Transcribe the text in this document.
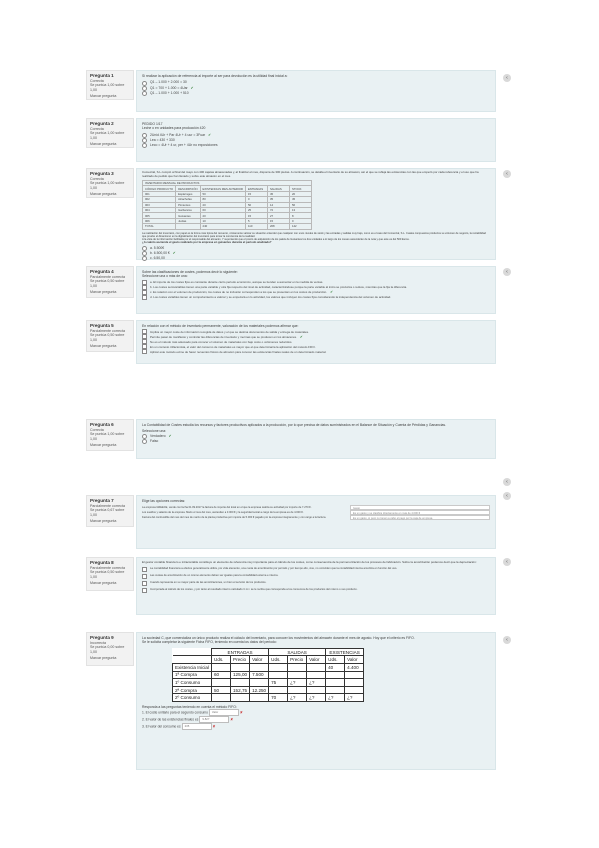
Pregunta 1
Correcta
Se puntúa 1,00 sobre 1,00
Marcar pregunta

Si realizar la aplicación de referencia al importe al ser para devolución es la utilidad final inicial a:

Q1 – 1.000 + 2.000 = 30
Q1 = 700 + 1.000 = 4Uar ✔
Q1 – 1.000 + 1.000 + 510
‹
Pregunta 2
Correcta
Se puntúa 1,00 sobre 1,00
Marcar pregunta

PEDIDO 1/17

Leche o en unidades para producción 420

2Unid 4Ur + Par 4Ur + 4 uur = 3Fuar ✔
Lea = 430 + 330
Leco = 4Ur + 4 ur, per + 4Ur no exposiciones
Pregunta 3
Correcta
Se puntúa 1,00 sobre 1,00
Marcar pregunta

Comercial, S.L compró al final del mayo con 400 cajetas almacenadas y, al finalizar el mes, disponía de 300 piezas. A continuación, se detalla el inventario de su almacén, así el que se refleja las existencias con las que empezó por cada referencia y el uso que ha realizado de pedido que han llenado y sobre este almacén en el mes.

INVENTARIO MENSUAL DE PRODUCTOS					
CÓDIGO PRODUCTO	DESCRIPCIÓN	EXISTENCIAS MES ANTERIOR	ENTRADAS	SALIDAS	STOCK
001	Espárragos	50	15	45	20
002	Alcachofas	80	0	35	45
003	Pimientos	20	50	14	56
004	Garbanzos	60	25	72	13
005	Guisantes	20	15	27	8
006	Judías	10	5	15	0
TOTAL		240	110	208	142

La realización del inventario, con papel es la forma más típica del recuento, únicamente valorar su situación entender que cualquier con unos niveles de stock y las entradas y salidas muy bajo, como es el caso del Comercial, S.L. Cuales compuestos productos su volumen de negocio, la rentabilidad que pruebe el dinamismo en la digitalización del inventario para tomar la conciencia de la realidad.

A la vista de la información facilitada por el responsable del almacén, Y suponiendo que el precio de adquisición de los palets de Guisantes los dos unidades a lo largo de los meses ascenderán de la nota y que este es del 500 Euros.

¿A cuánto asciende el gasto realizado por la empresa en guisantes durante el periodo analizado?

a. 5.500€
b. 6.500,00 € ✔
c. 6.50,00
‹
Pregunta 4
Parcialmente correcta
Se puntúa 0,50 sobre 1,00
Marcar pregunta

Sobre las clasificaciones de costes, podemos decir lo siguiente:

Seleccione una o más de una:

a. El importe de los costes fijos es constante durante cierto periodo económico, aunque se tienden a aumentar en la medida de ventas.
b. Los costes semivariables tienen una parte variable y otra fija respecto del nivel de actividad, caracterizándose porque la parte variable al inicio se produzca o reduce, mientras que la fija la diferencia.
c. Es relación con el volumen de producción, los costes de no inclusión corresponden a los que se presentan en los costos de producción. ✔
d. Los costes variables tienen un comportamiento a valorar y se empezará en lo actividad, los valores que incluyen los costes fijos considerando la independencia del volumen de actividad.
‹
Pregunta 5
Parcialmente correcta
Se puntúa 0,50 sobre 1,00
Marcar pregunta

En relación con el método de inventario permanente, valoración de los materiales podemos afirmar que:

Implica un mayor coste de información recogida de datos y el que se destina documentos de salida y entrega de materiales.
Permite pasar de manifiesto y controlar las diferencias de inventario y mermas que se producen en los almacenes. ✔
No es el método más adecuado para conocer el volumen de materiales con bajo costo o volúmenes reducidos.
En un contexto inflacionista, el valor del consumo de materiales es mayor que el que determinaría la aplicación del método FIFO.
Aplicar este método exime de hacer recuentos físicos de almacén para conocer las existencias finales reales de un determinado material.
Pregunta 6
Correcta
Se puntúa 1,00 sobre 1,00
Marcar pregunta

La Contabilidad de Costes estudia los recursos y factores productivos aplicados a la producción, por lo que precisa de datos suministrados en el Balance de Situación y Cuenta de Pérdidas y Ganancias.

Seleccione una:

Verdadero ✔
Falso
‹
‹
Pregunta 7
Parcialmente correcta
Se puntúa 0,67 sobre 1,00
Marcar pregunta

Elige las opciones correctas:

La empresa GREECE, vende con fecha 01.09.2017 la factura de importe del local en el que la empresa realiza su actividad por importe de 7.270 €.	Gasto
Los sueldos y salarios de la empresa. Mario el mes del mes, ascienden a 3.000 € y la seguridad social a cargo de la empresa es de 4.000 €.	Es un gasto y se clasifica directamente en más de 4.000 €
Factura del combustible del mes del mes de marzo de la planta productiva por importe de 5.000 € pagado por la empresa íntegramente y con cargo a la factura.	Es un gasto, sí pero no tienen a cabo el pago por la caja de empresa
Pregunta 8
Parcialmente correcta
Se puntúa 0,50 sobre 1,00
Marcar pregunta

El gestor contable financiero e intracontable constituye un elemento de referencia muy importante para el cálculo de los costes, como consecuencia de la pormenorización de los procesos de fabricación. Sobre la amortización podemos decir que la depreciación:

La contabilidad financiera a efectos generalmente utiliza, por vida elemento, una cuota de amortización por período y por tiempo ello, vive, no coinciden que la contabilidad interna amortiza en función del uso.
Las cuotas de amortización de un mismo elemento deben ser iguales para la contabilidad externa e interna.
Cuando representa en su mayor parte de las amortizaciones, un bien el servicio de los productos.
Incorporada al cálculo de los costes, y por tanto al resultado interno calculado C.A.I. se le reciba que corresponda a los consumos de los productos del mismo o sus producto.
‹
Pregunta 9
Incorrecta
Se puntúa 0,00 sobre 1,00
Marcar pregunta

La sociedad C, que comercializa un único producto realiza el cálculo del inventario, para conocer los movimientos del almacén durante el mes de agosto. Hoy que el criterio es FIFO.

Se le solicita completar la siguiente Ficha FIFO, teniendo en cuenta los datos del periodo:

	ENTRADAS			SALIDAS			EXISTENCIAS	
	Uds.	Precio	Valor	Uds.	Precio	Valor	Uds.	Valor
Existencia Inicial							40	4.400
1ª Compra	60	125,00	7.500					
1º Consumo				75	¿?	¿?		
2ª Compra	50	152,75	12.250					
2º Consumo				70	¿?	¿?	¿?	¿?

Responda a las preguntas teniendo en cuenta el método FIFO:

1. El coste unitario para el segundo consumo Valor	✘
2. El valor de las existencias finales es 9.827	✘
3. El valor del consumo es 235	✘
‹
